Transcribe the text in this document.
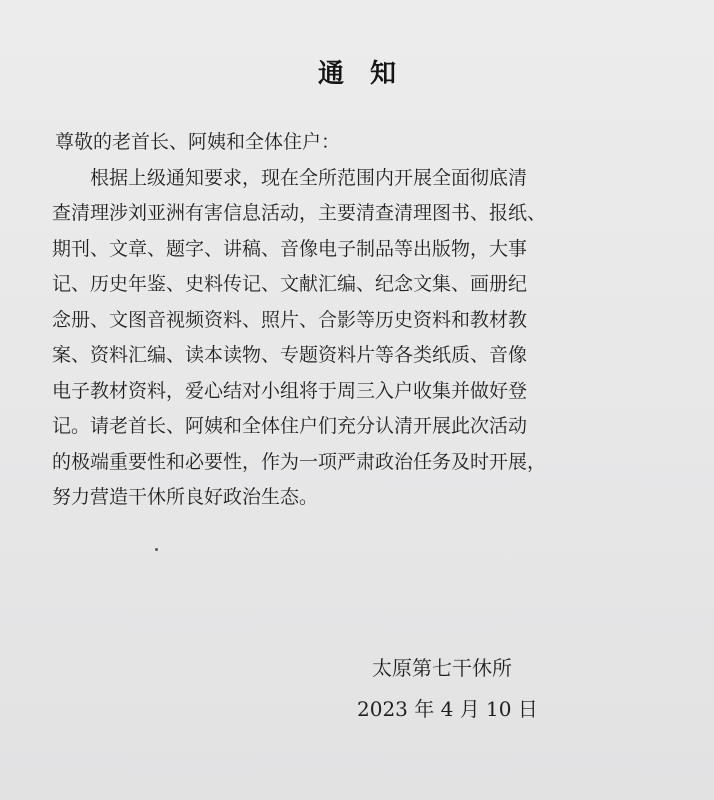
通　知
尊敬的老首长、阿姨和全体住户：
　　根据上级通知要求，现在全所范围内开展全面彻底清
查清理涉刘亚洲有害信息活动，主要清查清理图书、报纸、
期刊、文章、题字、讲稿、音像电子制品等出版物，大事
记、历史年鉴、史料传记、文献汇编、纪念文集、画册纪
念册、文图音视频资料、照片、合影等历史资料和教材教
案、资料汇编、读本读物、专题资料片等各类纸质、音像
电子教材资料，爱心结对小组将于周三入户收集并做好登
记。请老首长、阿姨和全体住户们充分认清开展此次活动
的极端重要性和必要性，作为一项严肃政治任务及时开展，
努力营造干休所良好政治生态。
太原第七干休所
2023 年 4 月 10 日
